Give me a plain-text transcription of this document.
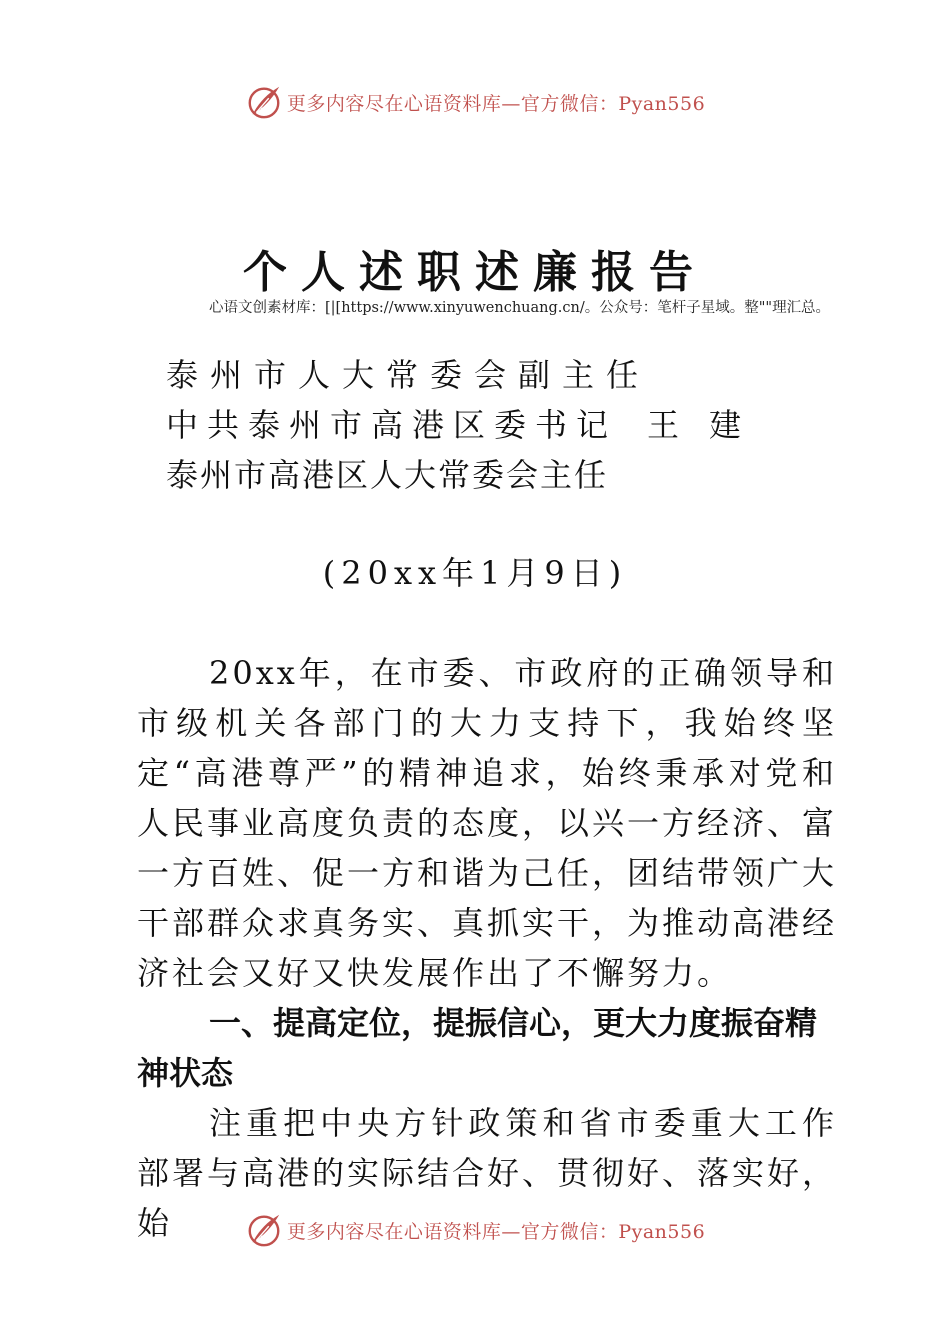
更多内容尽在心语资料库—官方微信：Pyan556
个人述职述廉报告
心语文创素材库：[|[https://www.xinyuwenchuang.cn/。公众号：笔杆子星域。整""理汇总。
泰州市人大常委会副主任
中共泰州市高港区委书记 王建
泰州市高港区人大常委会主任
(20xx年1月9日)

20xx年，在市委、市政府的正确领导和市级机关各部门的大力支持下，我始终坚定“高港尊严”的精神追求，始终秉承对党和人民事业高度负责的态度，以兴一方经济、富一方百姓、促一方和谐为己任，团结带领广大干部群众求真务实、真抓实干，为推动高港经济社会又好又快发展作出了不懈努力。

一、提高定位，提振信心，更大力度振奋精神状态

注重把中央方针政策和省市委重大工作部署与高港的实际结合好、贯彻好、落实好，始	更多内容尽在心语资料库—官方微信：Pyan556
